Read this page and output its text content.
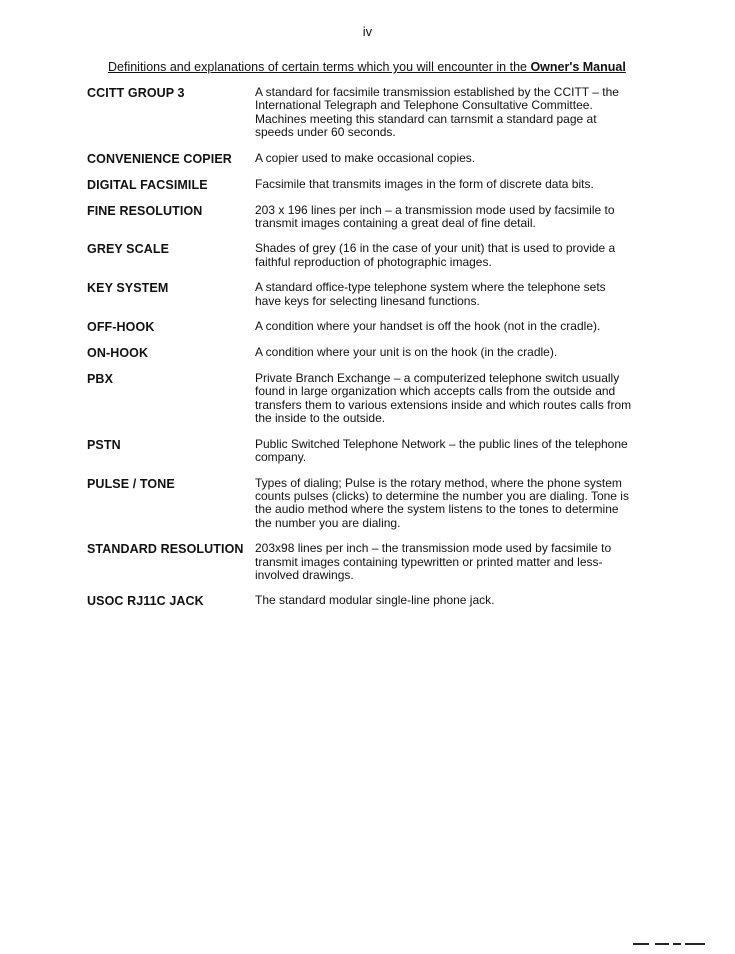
iv
Definitions and explanations of certain terms which you will encounter in the Owner's Manual
CCITT GROUP 3	A standard for facsimile transmission established by the CCITT – the International Telegraph and Telephone Consultative Committee. Machines meeting this standard can tarnsmit a standard page at speeds under 60 seconds.
CONVENIENCE COPIER	A copier used to make occasional copies.
DIGITAL FACSIMILE	Facsimile that transmits images in the form of discrete data bits.
FINE RESOLUTION	203 x 196 lines per inch – a transmission mode used by facsimile to transmit images containing a great deal of fine detail.
GREY SCALE	Shades of grey (16 in the case of your unit) that is used to provide a faithful reproduction of photographic images.
KEY SYSTEM	A standard office-type telephone system where the telephone sets have keys for selecting linesand functions.
OFF-HOOK	A condition where your handset is off the hook (not in the cradle).
ON-HOOK	A condition where your unit is on the hook (in the cradle).
PBX	Private Branch Exchange – a computerized telephone switch usually found in large organization which accepts calls from the outside and transfers them to various extensions inside and which routes calls from the inside to the outside.
PSTN	Public Switched Telephone Network – the public lines of the telephone company.
PULSE / TONE	Types of dialing; Pulse is the rotary method, where the phone system counts pulses (clicks) to determine the number you are dialing. Tone is the audio method where the system listens to the tones to determine the number you are dialing.
STANDARD RESOLUTION 203x98 lines per inch – the transmission mode used by facsimile to transmit images containing typewritten or printed matter and less-involved drawings.
USOC RJ11C JACK	The standard modular single-line phone jack.
